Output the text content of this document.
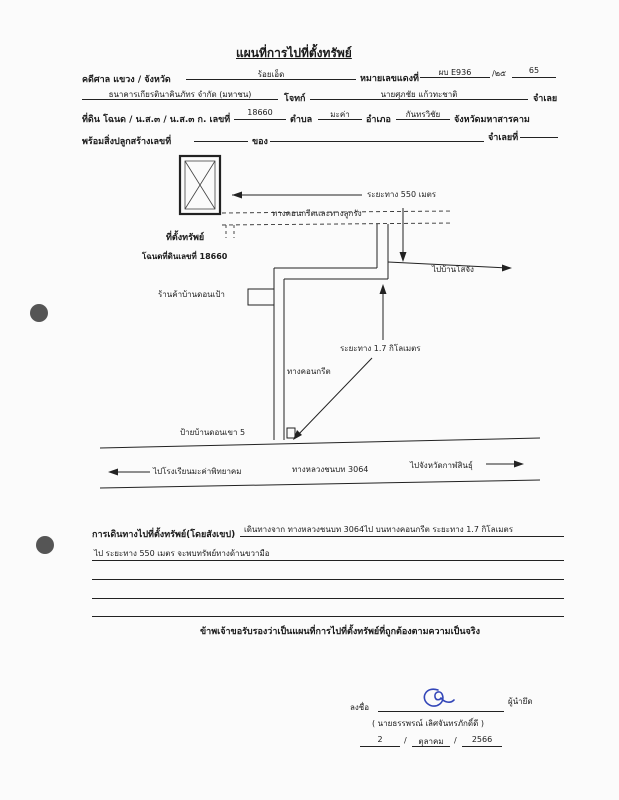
แผนที่การไปที่ตั้งทรัพย์
คดีศาล แขวง / จังหวัด
ร้อยเอ็ด	หมายเลขแดงที่
ผบ E936	/๒๕	65
ธนาคารเกียรตินาคินภัทร จำกัด (มหาชน)	โจทก์	นายศุภชัย แก้วทะชาติ	จำเลย
ที่ดิน โฉนด / น.ส.๓ / น.ส.๓ ก. เลขที่
18660
ตำบล
มะค่า
อำเภอ
กันทรวิชัย
จังหวัดมหาสารคาม
พร้อมสิ่งปลูกสร้างเลขที่	ของ	จำเลยที่
ระยะทาง 550 เมตร
ทางคอนกรีตและทางลูกรัง
ไปบ้านโสจัง
ร้านค้าบ้านดอนเป้า
ระยะทาง 1.7 กิโลเมตร
ทางคอนกรีต
ป้ายบ้านดอนเขา 5
ไปโรงเรียนมะค่าพิทยาคม	ทางหลวงชนบท 3064	ไปจังหวัดกาฬสินธุ์
ที่ตั้งทรัพย์
โฉนดที่ดินเลขที่ 18660
การเดินทางไปที่ตั้งทรัพย์(โดยสังเขป)
เดินทางจาก ทางหลวงชนบท 3064ไป บนทางคอนกรีต ระยะทาง 1.7 กิโลเมตร
ไป ระยะทาง 550 เมตร จะพบทรัพย์ทางด้านขวามือ
ข้าพเจ้าขอรับรองว่าเป็นแผนที่การไปที่ตั้งทรัพย์ที่ถูกต้องตามความเป็นจริง
ลงชื่อ
ผู้นำยึด
( นายธรรพรณ์ เลิศจันทรภักดิ์ดี )
2	/	ตุลาคม	/	2566
